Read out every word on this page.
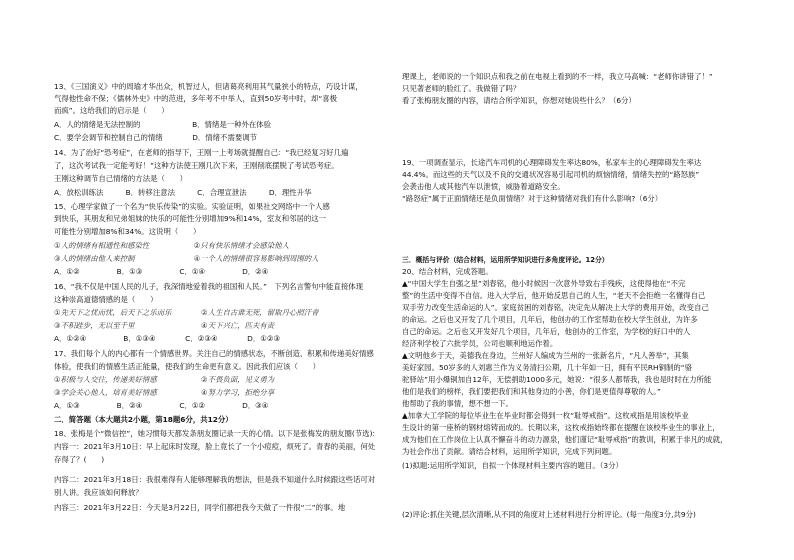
13、《三国演义》中的周瑜才华出众，机智过人，但诸葛亮利用其气量狭小的特点，巧设计谋，
气得他性命不保；《儒林外史》中的范进，多年考不中举人，直到50岁考中时，却“喜极
而疯”。这给我们的启示是（　　）
A．人的情绪是无法控制的　　　　　　　B．情绪是一种外在体验
C．要学会调节和控制自己的情绪　　　　D．情绪不需要调节
14、为了治好“恐考症”，在老师的指导下，王刚一上考场就提醒自己：“我已经复习好几遍
了，这次考试我一定能考好！”这种方法使王刚几次下来，王刚削底摆脱了考试恐考症。
王刚这种调节自己情绪的方法是（　　）
A．放松训练法　　　B．转移注意法　　　C．合理宣泄法　　　D．理性升华
15、心理学家做了一个名为“快乐传染”的实验。实验证明，如果社交网络中一个人感
到快乐，其朋友和兄弟姐妹的快乐的可能性分别增加9%和14%，室友和邻居的这一
可能性分别增加8%和34%。这说明（　　）
①人的情绪有相通性和感染性　　　　　　②只有快乐情绪才会感染他人
③人的情绪由他人来控制　　　　　　　　④一个人的情绪很容易影响到周围的人
A．①②　　　　　B．①③　　　　　C．①④　　　　　D．②④
16、“我不仅是中国人民的儿子，我深情地爱着我的祖国和人民。”　下列名言警句中能直接体现
这种崇高道德情感的是（　　）
①先天下之忧而忧，后天下之乐而乐　　　　②人生自古谁无死，留取丹心照汗青
③不积跬步，无以至千里　　　　　　　　　④天下兴亡，匹夫有责
A．①②④　　　　　B．①③④　　　　C．②③④　　　　D．①②③
17、我们每个人的内心都有一个情感世界。关注自己的情感状态，不断创造、积累和传递美好情感
体验，使我们的情感生活正能量，使我们的生命更有意义。因此我们应该（　　）
①积极与人交往，传递美好情感　　　　　　②不畏负面，见义勇为
③学会关心他人，培育美好情感　　　　　　④努力学习，拒绝分享
A．①③　　　　　B．②④　　　　　C．①②　　　　　D．③④
二．简答题（本大题共2小题，第18题6分，共12分）
18、张梅是个“微信控”，她习惯每天都发条朋友圈记录一天的心情。以下是张梅发的朋友圈(节选):
内容一：2021年3月10日：早上起床时发现，脸上竟长了一个小痘痘，烦死了。青春的美丽，何处
存得了？(　　)
内容二：2021年3月18日：我很难得有人能够理解我的想法，但是我不知道什么时候跟这些话可对
别人讲。我应该如何释放？
内容三：2021年3月22日：今天是3月22日，同学们都把我今天做了一件很“二”的事。地
理课上，老师说的一个知识点和我之前在电视上看到的不一样，我立马高喊：“老师你讲错了！”
只见著老师的脸红了。我做错了吗？
看了张梅朋友圈的内容，请结合所学知识，你想对她说些什么？（6分）
19、一项调查显示，长途汽车司机的心理障碍发生率达80%，私家车主的心理障碍发生率达
44.4%。而这些的天气以及不良的交通状况容易引起司机的烦恼情绪，情绪失控的“路怒族”
会袭击他人或其他汽车以泄愤，威胁着道路安全。
“路怒症”属于正面情绪还是负面情绪？对于这种情绪对我们有什么影响?（6分）
三．概括与评价（结合材料，运用所学知识进行多角度评论。12分）
20、结合材料，完成答题。
▲“中国大学生自强之星”刘春铭，他小时候因一次意外导致右手残疾，这使得他在“不完
整”的生活中变得不自信。进入大学后，他开始反思自己的人生，“老天不会拒绝一名懂得自己
双手劳力改变生活命运的人”。家庭贫困的刘春铭，决定先从解决上大学的费用开始，改变自己
的命运。之后也又开发了几个项目，几年后，他创办的工作室帮助在校大学生创业，为许多
自己的命运。之后也又开发好几个项目，几年后，他创办的工作室，为学校的好口中的人
经济利学校了六批学员，公司也顺利地运作着。
▲文明他乡于天，美德我在身边，兰州好人编成为兰州的一张新名片，“凡人善举”，其集
美好家园。50岁多的人刘惠兰作为义务清扫公期，几十年如一日，拥有平民RH铜制的“骆
驼驿站”用小爆铜加自12年，无偿捐助1000多元，她说：“很多人都帮我，我也是时时在力所能
他们是我们的榜样，我们要把我们和其他身边的小善，你们是更值得尊敬的人。”
他帮助了我的事情，想不想一下。
▲加拿大工学院的每位毕业生在毕业时都会得到一枚“耻辱戒指”。这枚戒指是用该校毕业
生设计的第一座桥的钢材熔铸而成的。长期以来，这枚戒指始终都在提醒在该校毕业生的事业上，
成为他们在工作岗位上认真不懈奋斗的动力源泉，他们谨记“耻辱戒指”的教训，积累于非凡的成就，
为社会作出了贡献。请结合材料，运用所学知识，完成下列问题。
(1)拟题:运用所学知识，自拟一个体现材料主要内容的题目。（3分）
(2)评论:抓住关键,层次清晰,从不同的角度对上述材料进行分析评论。(每一角度3分,共9分)
